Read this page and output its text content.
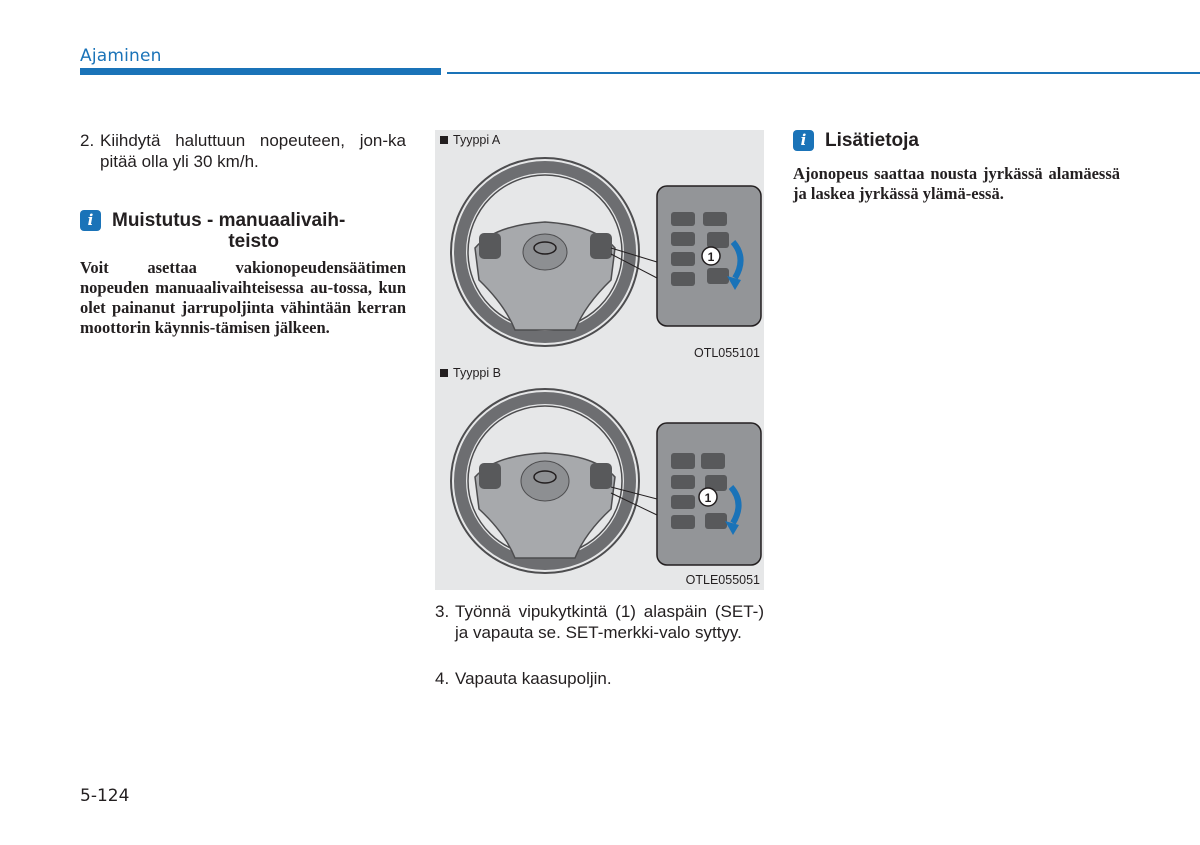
Ajaminen
2. Kiihdytä haluttuun nopeuteen, jon-ka pitää olla yli 30 km/h.
i Muistutus - manuaalivaih-
teisto
Voit asettaa vakionopeudensäätimen nopeuden manuaalivaihteisessa au-tossa, kun olet painanut jarrupoljinta vähintään kerran moottorin käynnis-tämisen jälkeen.
1
Tyyppi A
OTL055101
1
Tyyppi B
OTLE055051
3. Työnnä vipukytkintä (1) alaspäin (SET-) ja vapauta se. SET-merkki-valo syttyy.
4. Vapauta kaasupoljin.
i Lisätietoja
Ajonopeus saattaa nousta jyrkässä alamäessä ja laskea jyrkässä ylämä-essä.
5-124
